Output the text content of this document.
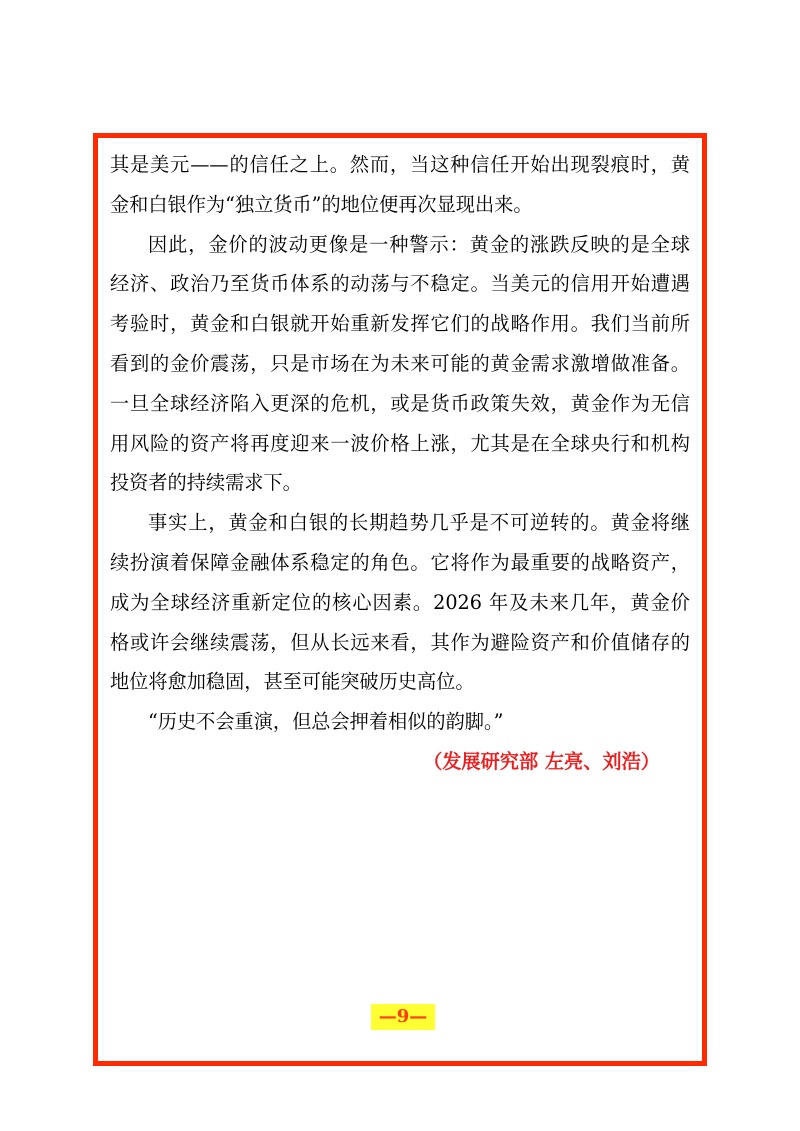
其是美元——的信任之上。然而，当这种信任开始出现裂痕时，黄
金和白银作为“独立货币”的地位便再次显现出来。
因此，金价的波动更像是一种警示：黄金的涨跌反映的是全球
经济、政治乃至货币体系的动荡与不稳定。当美元的信用开始遭遇
考验时，黄金和白银就开始重新发挥它们的战略作用。我们当前所
看到的金价震荡，只是市场在为未来可能的黄金需求激增做准备。
一旦全球经济陷入更深的危机，或是货币政策失效，黄金作为无信
用风险的资产将再度迎来一波价格上涨，尤其是在全球央行和机构
投资者的持续需求下。
事实上，黄金和白银的长期趋势几乎是不可逆转的。黄金将继
续扮演着保障金融体系稳定的角色。它将作为最重要的战略资产，
成为全球经济重新定位的核心因素。2026 年及未来几年，黄金价
格或许会继续震荡，但从长远来看，其作为避险资产和价值储存的
地位将愈加稳固，甚至可能突破历史高位。
“历史不会重演，但总会押着相似的韵脚。”
（发展研究部 左亮、刘浩）
—9—
